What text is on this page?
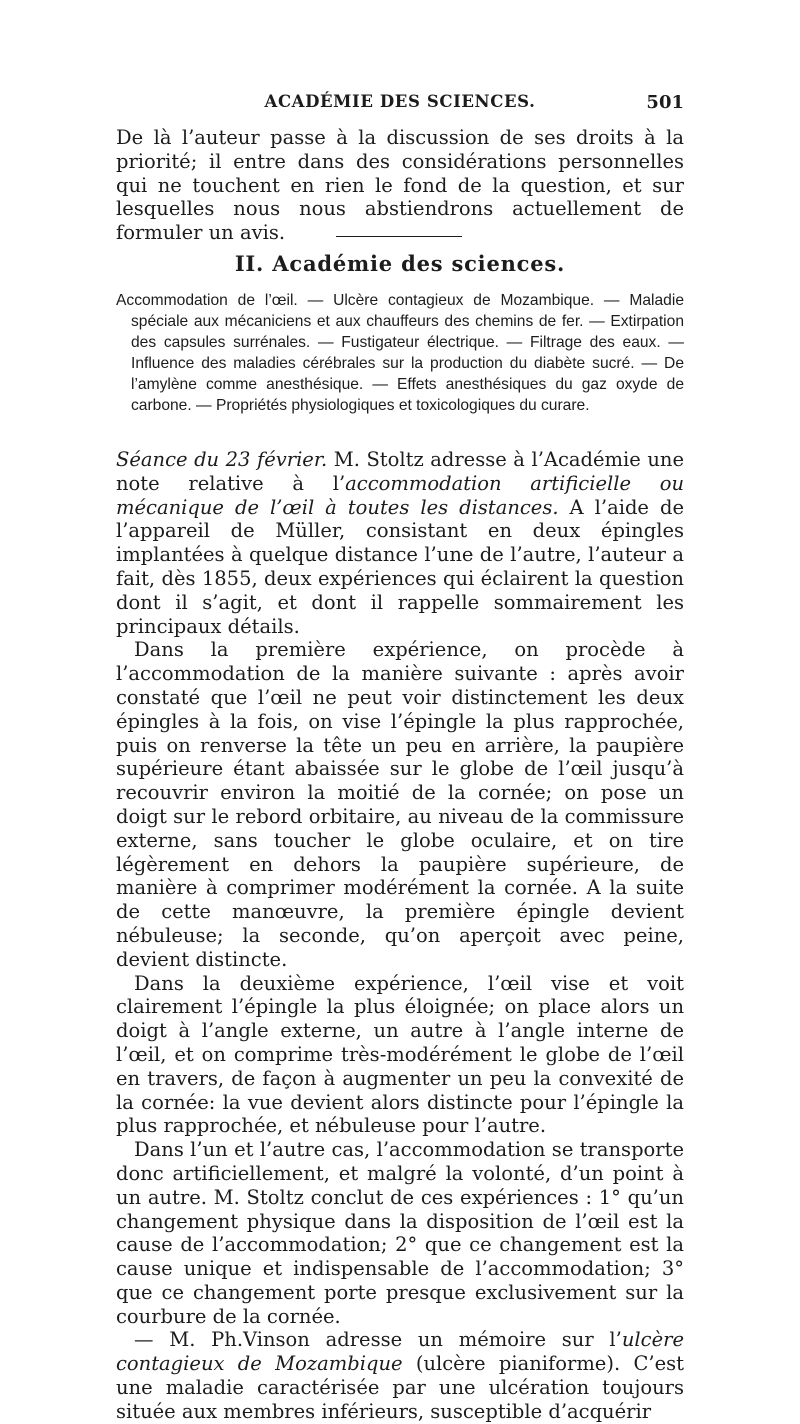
ACADÉMIE DES SCIENCES.	501

De là l’auteur passe à la discussion de ses droits à la priorité; il entre dans des considérations personnelles qui ne touchent en rien le fond de la question, et sur lesquelles nous nous abstiendrons actuellement de formuler un avis.

II. Académie des sciences.

Accommodation de l’œil. — Ulcère contagieux de Mozambique. — Maladie spéciale aux mécaniciens et aux chauffeurs des chemins de fer. — Extirpation des capsules surrénales. — Fustigateur électrique. — Filtrage des eaux. — Influence des maladies cérébrales sur la production du diabète sucré. — De l’amylène comme anesthésique. — Effets anesthésiques du gaz oxyde de carbone. — Propriétés physiologiques et toxicologiques du curare.

Séance du 23 février. M. Stoltz adresse à l’Académie une note relative à l’accommodation artificielle ou mécanique de l’œil à toutes les distances. A l’aide de l’appareil de Müller, consistant en deux épingles implantées à quelque distance l’une de l’autre, l’auteur a fait, dès 1855, deux expériences qui éclairent la question dont il s’agit, et dont il rappelle sommairement les principaux détails.

Dans la première expérience, on procède à l’accommodation de la manière suivante : après avoir constaté que l’œil ne peut voir distinctement les deux épingles à la fois, on vise l’épingle la plus rapprochée, puis on renverse la tête un peu en arrière, la paupière supérieure étant abaissée sur le globe de l’œil jusqu’à recouvrir environ la moitié de la cornée; on pose un doigt sur le rebord orbitaire, au niveau de la commissure externe, sans toucher le globe oculaire, et on tire légèrement en dehors la paupière supérieure, de manière à comprimer modérément la cornée. A la suite de cette manœuvre, la première épingle devient nébuleuse; la seconde, qu’on aperçoit avec peine, devient distincte.

Dans la deuxième expérience, l’œil vise et voit clairement l’épingle la plus éloignée; on place alors un doigt à l’angle externe, un autre à l’angle interne de l’œil, et on comprime très-modérément le globe de l’œil en travers, de façon à augmenter un peu la convexité de la cornée: la vue devient alors distincte pour l’épingle la plus rapprochée, et nébuleuse pour l’autre.

Dans l’un et l’autre cas, l’accommodation se transporte donc artificiellement, et malgré la volonté, d’un point à un autre. M. Stoltz conclut de ces expériences : 1° qu’un changement physique dans la disposition de l’œil est la cause de l’accommodation; 2° que ce changement est la cause unique et indispensable de l’accommodation; 3° que ce changement porte presque exclusivement sur la courbure de la cornée.

— M. Ph.Vinson adresse un mémoire sur l’ulcère contagieux de Mozambique (ulcère pianiforme). C’est une maladie caractérisée par une ulcération toujours située aux membres inférieurs, susceptible d’acquérir
